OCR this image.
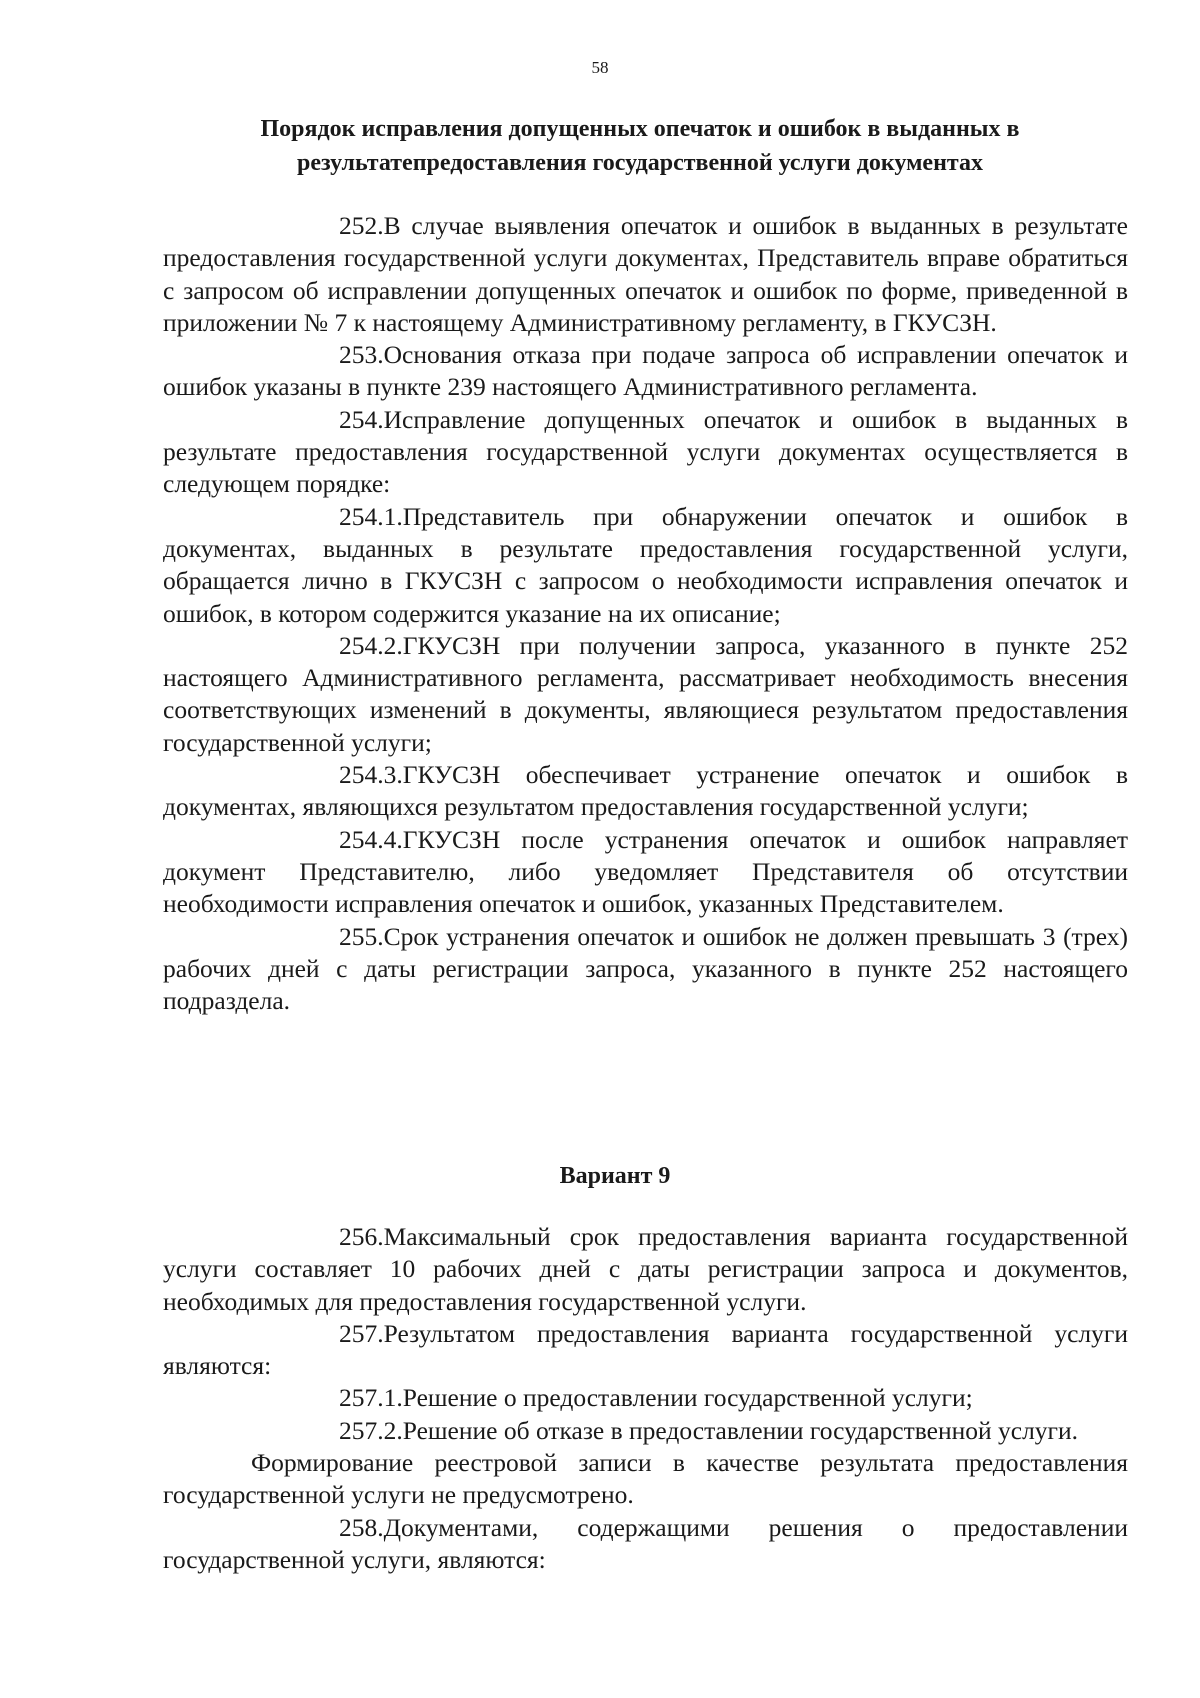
58
Порядок исправления допущенных опечаток и ошибок в выданных в
результатепредоставления государственной услуги документах

252.В случае выявления опечаток и ошибок в выданных в результате предоставления государственной услуги документах, Представитель вправе обратиться с запросом об исправлении допущенных опечаток и ошибок по форме, приведенной в приложении № 7 к настоящему Административному регламенту, в ГКУСЗН.

253.Основания отказа при подаче запроса об исправлении опечаток и ошибок указаны в пункте 239 настоящего Административного регламента.

254.Исправление допущенных опечаток и ошибок в выданных в результате предоставления государственной услуги документах осуществляется в следующем порядке:

254.1.Представитель при обнаружении опечаток и ошибок в документах, выданных в результате предоставления государственной услуги, обращается лично в ГКУСЗН с запросом о необходимости исправления опечаток и ошибок, в котором содержится указание на их описание;

254.2.ГКУСЗН при получении запроса, указанного в пункте 252 настоящего Административного регламента, рассматривает необходимость внесения соответствующих изменений в документы, являющиеся результатом предоставления государственной услуги;

254.3.ГКУСЗН обеспечивает устранение опечаток и ошибок в документах, являющихся результатом предоставления государственной услуги;

254.4.ГКУСЗН после устранения опечаток и ошибок направляет документ Представителю, либо уведомляет Представителя об отсутствии необходимости исправления опечаток и ошибок, указанных Представителем.

255.Срок устранения опечаток и ошибок не должен превышать 3 (трех) рабочих дней с даты регистрации запроса, указанного в пункте 252 настоящего подраздела.

Вариант 9

256.Максимальный срок предоставления варианта государственной услуги составляет 10 рабочих дней с даты регистрации запроса и документов, необходимых для предоставления государственной услуги.

257.Результатом предоставления варианта государственной услуги являются:

257.1.Решение о предоставлении государственной услуги;

257.2.Решение об отказе в предоставлении государственной услуги.

Формирование реестровой записи в качестве результата предоставления государственной услуги не предусмотрено.

258.Документами, содержащими решения о предоставлении государственной услуги, являются:
